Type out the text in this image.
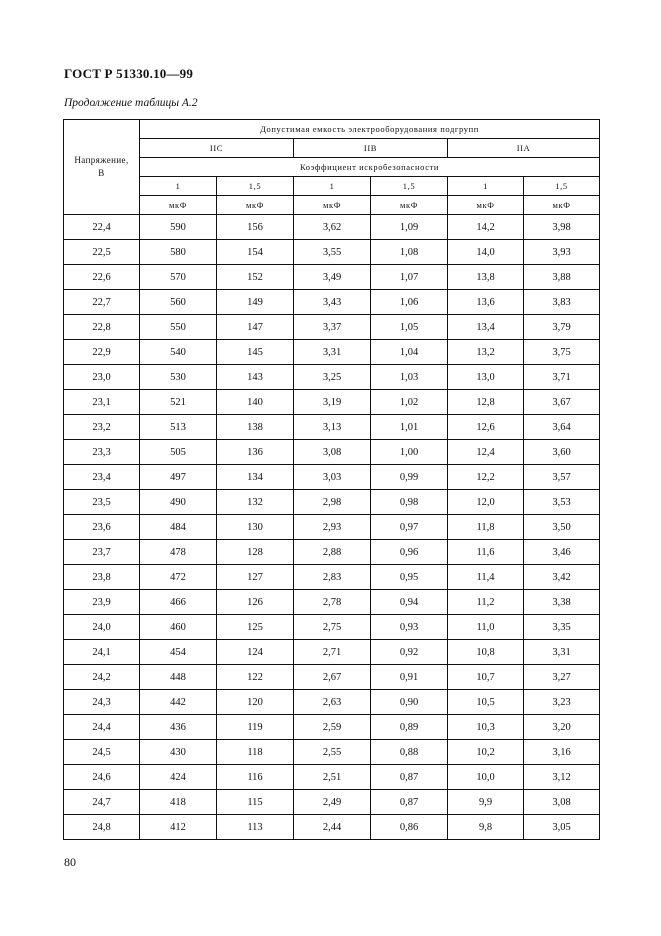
ГОСТ Р 51330.10—99
Продолжение таблицы А.2
Напряжение,
В	Допустимая емкость электрооборудования подгрупп					
	IIC		IIB		IIA	
	Коэффициент искробезопасности					
	1	1,5	1	1,5	1	1,5
	мкФ	мкФ	мкФ	мкФ	мкФ	мкФ
22,4	590	156	3,62	1,09	14,2	3,98
22,5	580	154	3,55	1,08	14,0	3,93
22,6	570	152	3,49	1,07	13,8	3,88
22,7	560	149	3,43	1,06	13,6	3,83
22,8	550	147	3,37	1,05	13,4	3,79
22,9	540	145	3,31	1,04	13,2	3,75
23,0	530	143	3,25	1,03	13,0	3,71
23,1	521	140	3,19	1,02	12,8	3,67
23,2	513	138	3,13	1,01	12,6	3,64
23,3	505	136	3,08	1,00	12,4	3,60
23,4	497	134	3,03	0,99	12,2	3,57
23,5	490	132	2,98	0,98	12,0	3,53
23,6	484	130	2,93	0,97	11,8	3,50
23,7	478	128	2,88	0,96	11,6	3,46
23,8	472	127	2,83	0,95	11,4	3,42
23,9	466	126	2,78	0,94	11,2	3,38
24,0	460	125	2,75	0,93	11,0	3,35
24,1	454	124	2,71	0,92	10,8	3,31
24,2	448	122	2,67	0,91	10,7	3,27
24,3	442	120	2,63	0,90	10,5	3,23
24,4	436	119	2,59	0,89	10,3	3,20
24,5	430	118	2,55	0,88	10,2	3,16
24,6	424	116	2,51	0,87	10,0	3,12
24,7	418	115	2,49	0,87	9,9	3,08
24,8	412	113	2,44	0,86	9,8	3,05
80
